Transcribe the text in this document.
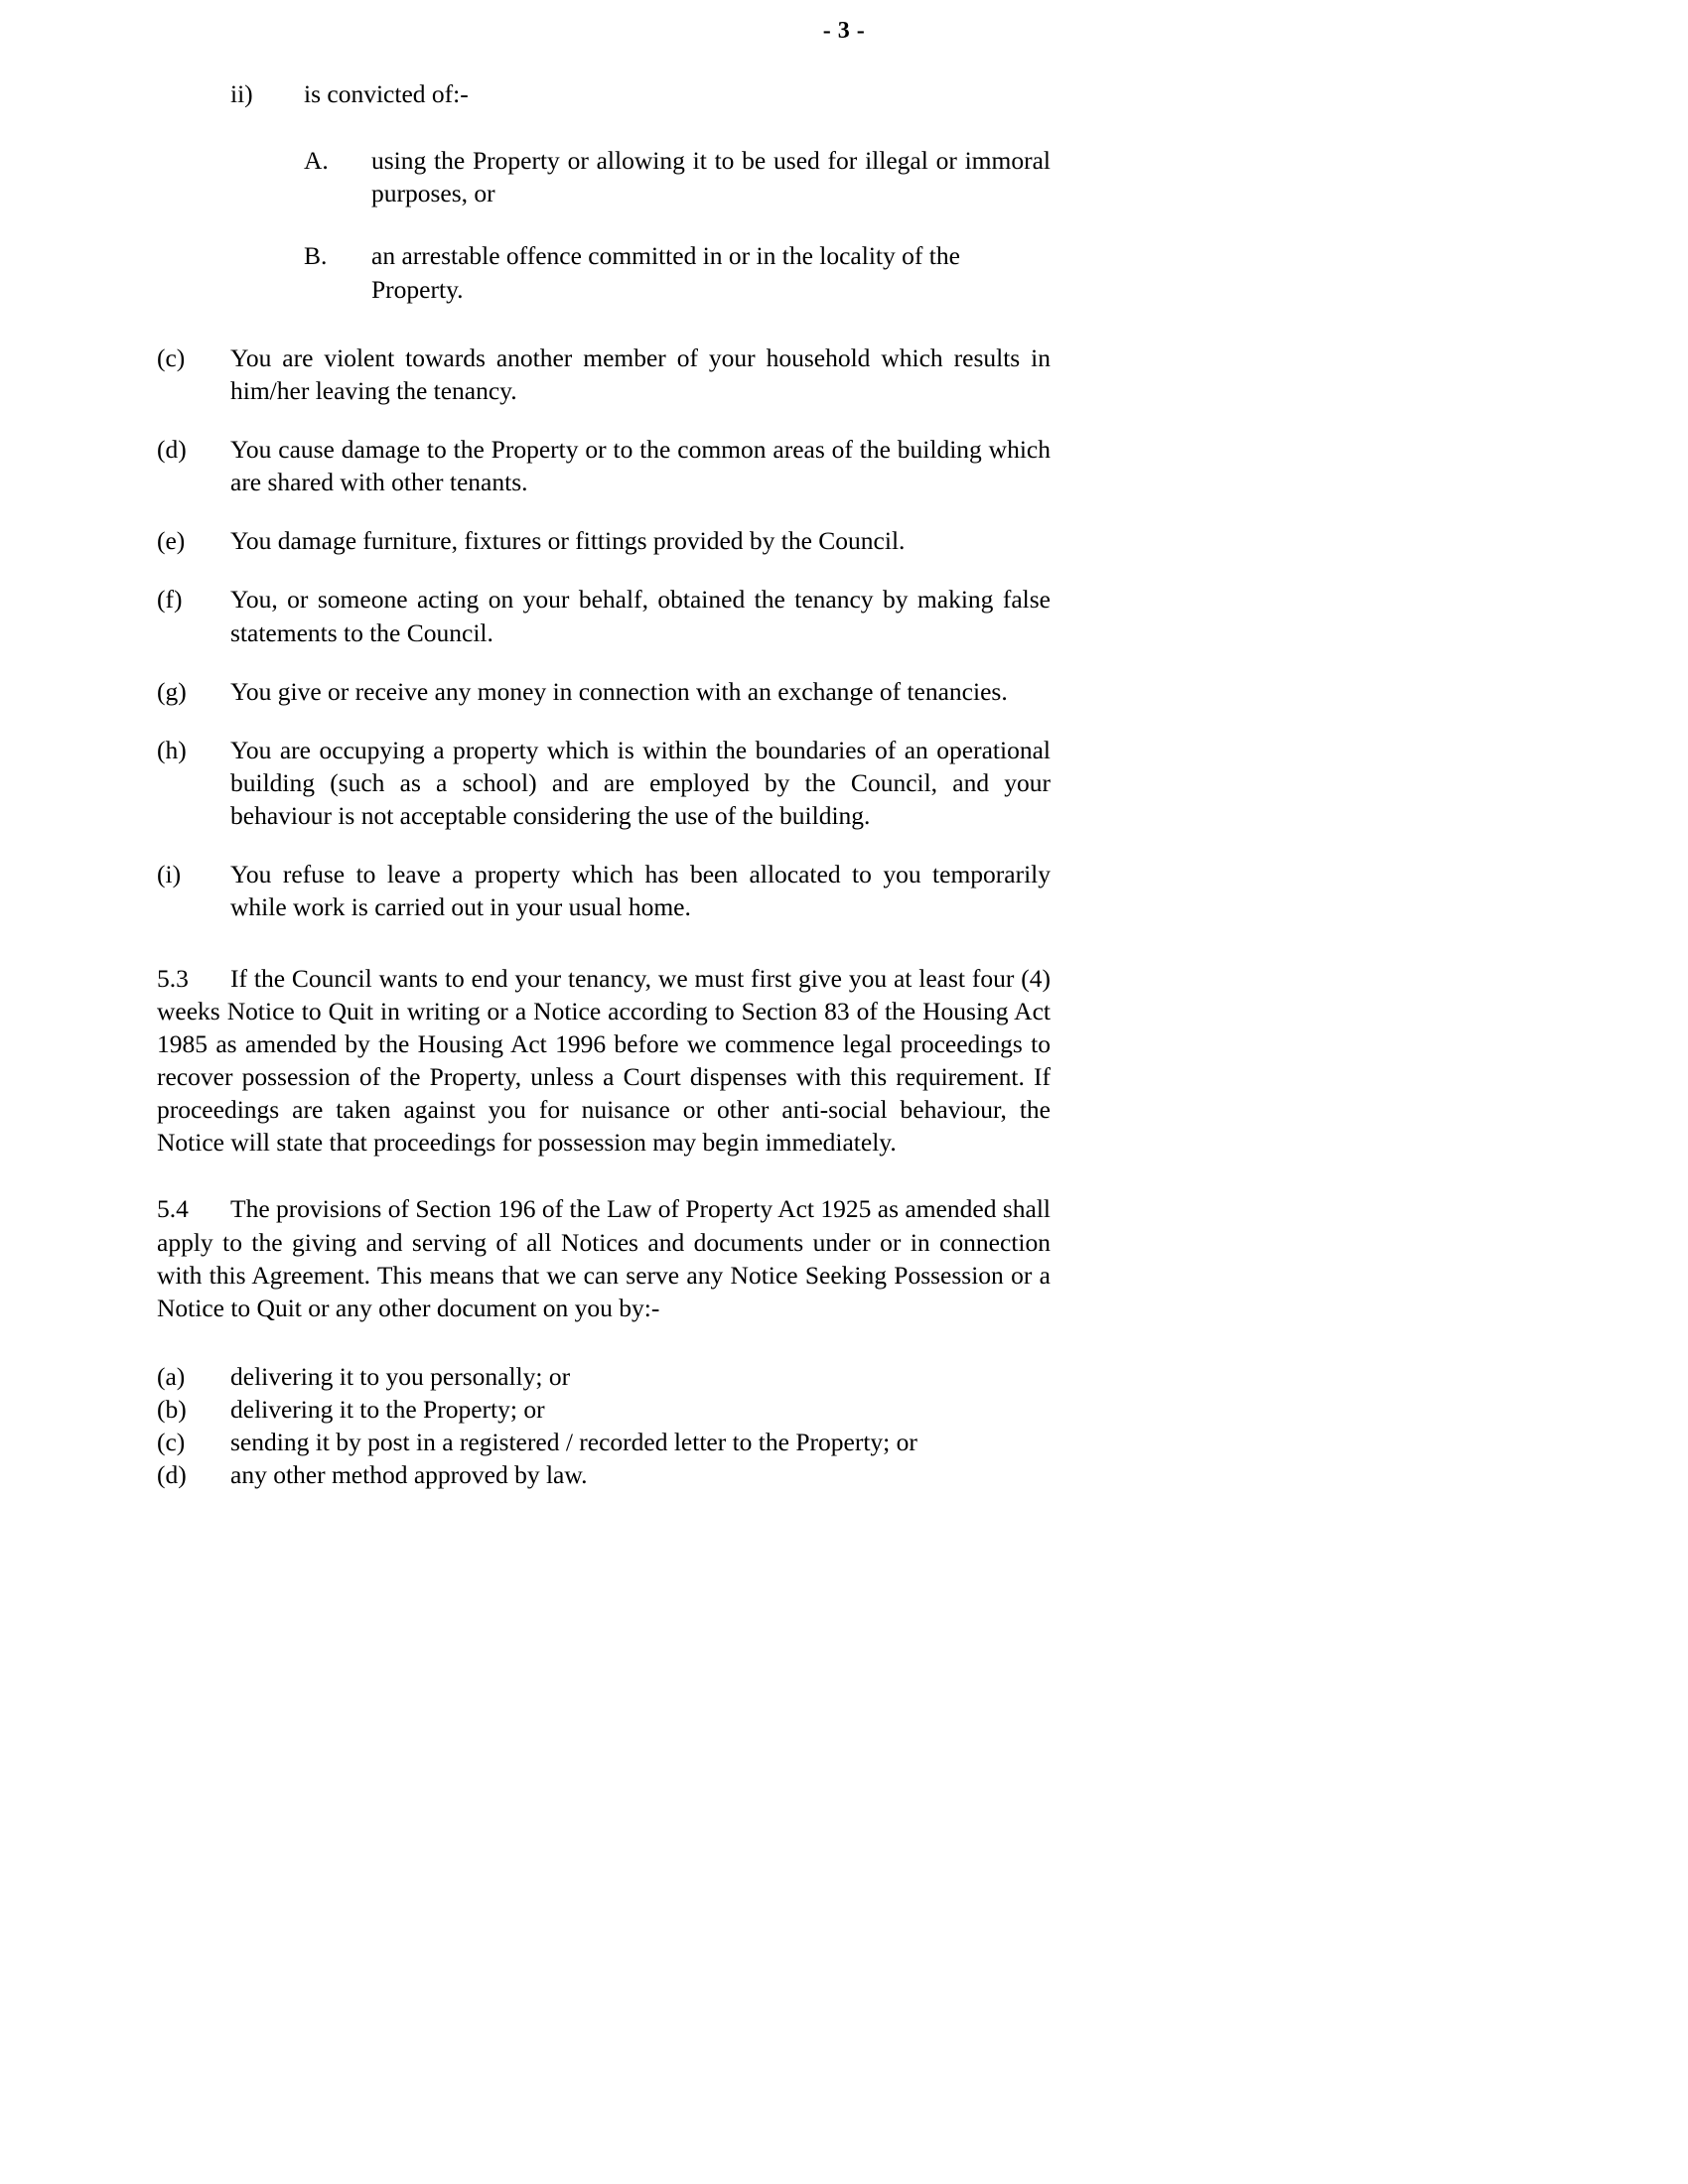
- 3 -
ii)	is convicted of:-
A.	using the Property or allowing it to be used for illegal or immoral purposes, or
B.	an arrestable offence committed in or in the locality of the Property.
(c)	You are violent towards another member of your household which results in him/her leaving the tenancy.
(d)	You cause damage to the Property or to the common areas of the building which are shared with other tenants.
(e)	You damage furniture, fixtures or fittings provided by the Council.
(f)	You, or someone acting on your behalf, obtained the tenancy by making false statements to the Council.
(g)	You give or receive any money in connection with an exchange of tenancies.
(h)	You are occupying a property which is within the boundaries of an operational building (such as a school) and are employed by the Council, and your behaviour is not acceptable considering the use of the building.
(i)	You refuse to leave a property which has been allocated to you temporarily while work is carried out in your usual home.
5.3 If the Council wants to end your tenancy, we must first give you at least four (4) weeks Notice to Quit in writing or a Notice according to Section 83 of the Housing Act 1985 as amended by the Housing Act 1996 before we commence legal proceedings to recover possession of the Property, unless a Court dispenses with this requirement. If proceedings are taken against you for nuisance or other anti-social behaviour, the Notice will state that proceedings for possession may begin immediately.
5.4 The provisions of Section 196 of the Law of Property Act 1925 as amended shall apply to the giving and serving of all Notices and documents under or in connection with this Agreement. This means that we can serve any Notice Seeking Possession or a Notice to Quit or any other document on you by:-
(a)	delivering it to you personally; or
(b)	delivering it to the Property; or
(c)	sending it by post in a registered / recorded letter to the Property; or
(d)	any other method approved by law.
